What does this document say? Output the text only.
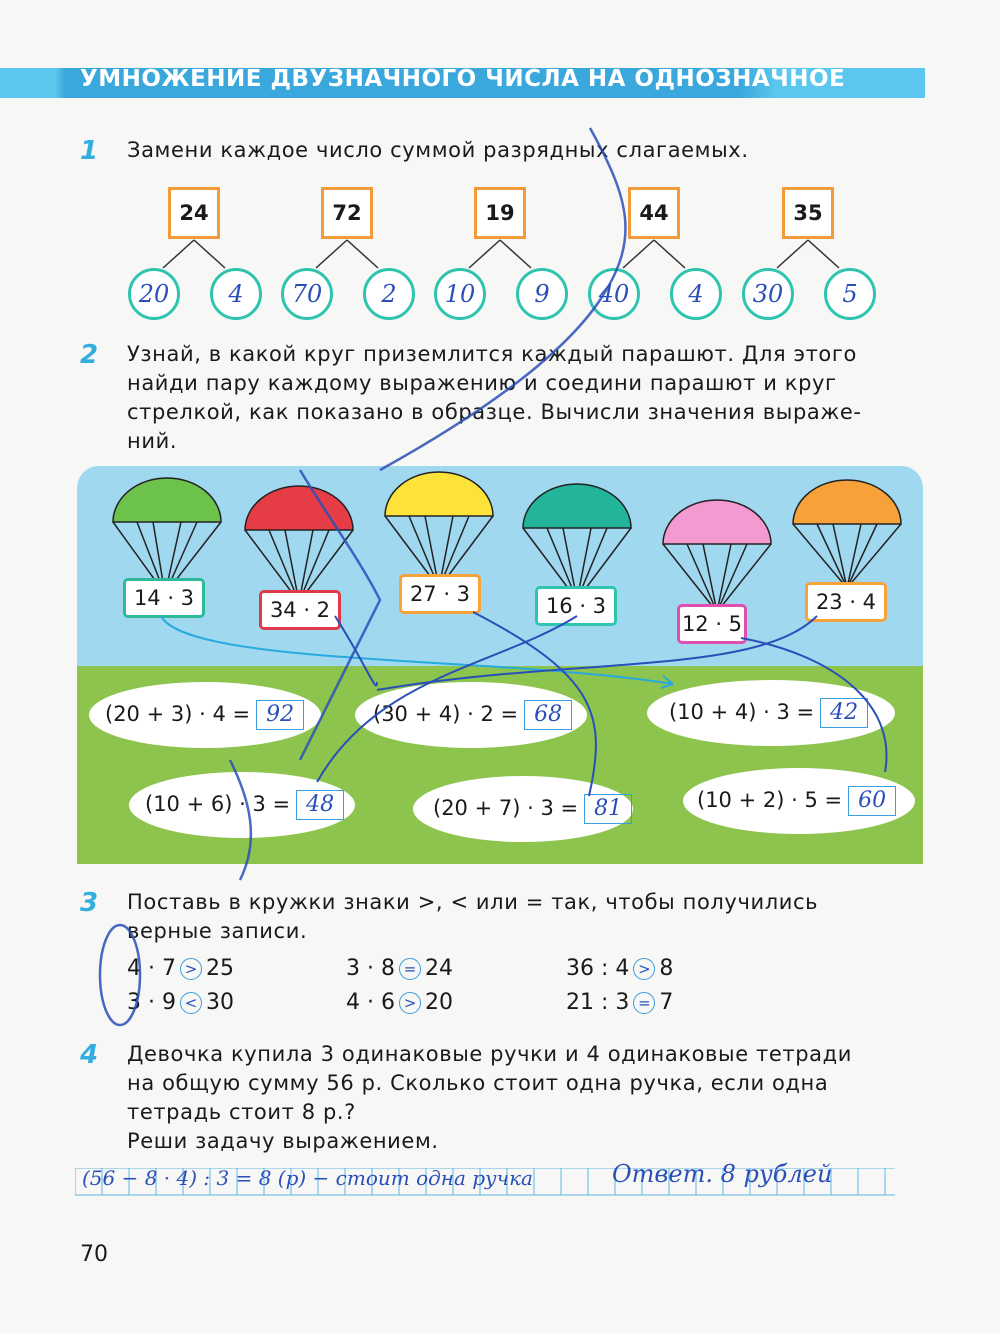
УМНОЖЕНИЕ ДВУЗНАЧНОГО ЧИСЛА НА ОДНОЗНАЧНОЕ
1 Замени каждое число суммой разрядных слагаемых.
24	72	19	44	35
20	4	70	2	10	9	40	4	30	5
2 Узнай, в какой круг приземлится каждый парашют. Для этого
найди пару каждому выражению и соедини парашют и круг
стрелкой, как показано в образце. Вычисли значения выраже-
ний.
14 · 3	34 · 2
27 · 3	16 · 3
12 · 5
23 · 4
(20 + 3) · 4 = 92	(30 + 4) · 2 = 68	(10 + 4) · 3 = 42
(10 + 6) · 3 = 48	(20 + 7) · 3 = 81	(10 + 2) · 5 = 60
3 Поставь в кружки знаки >, < или = так, чтобы получились
верные записи.
4 · 7 > 25
3 · 9 < 30
3 · 8 = 24
4 · 6 > 20
36 : 4 > 8
21 : 3 = 7
4 Девочка купила 3 одинаковые ручки и 4 одинаковые тетради
на общую сумму 56 р. Сколько стоит одна ручка, если одна
тетрадь стоит 8 р.?
Реши задачу выражением.
(56 − 8 · 4) : 3 = 8 (р) − стоит одна ручка	Ответ. 8 рублей
70
